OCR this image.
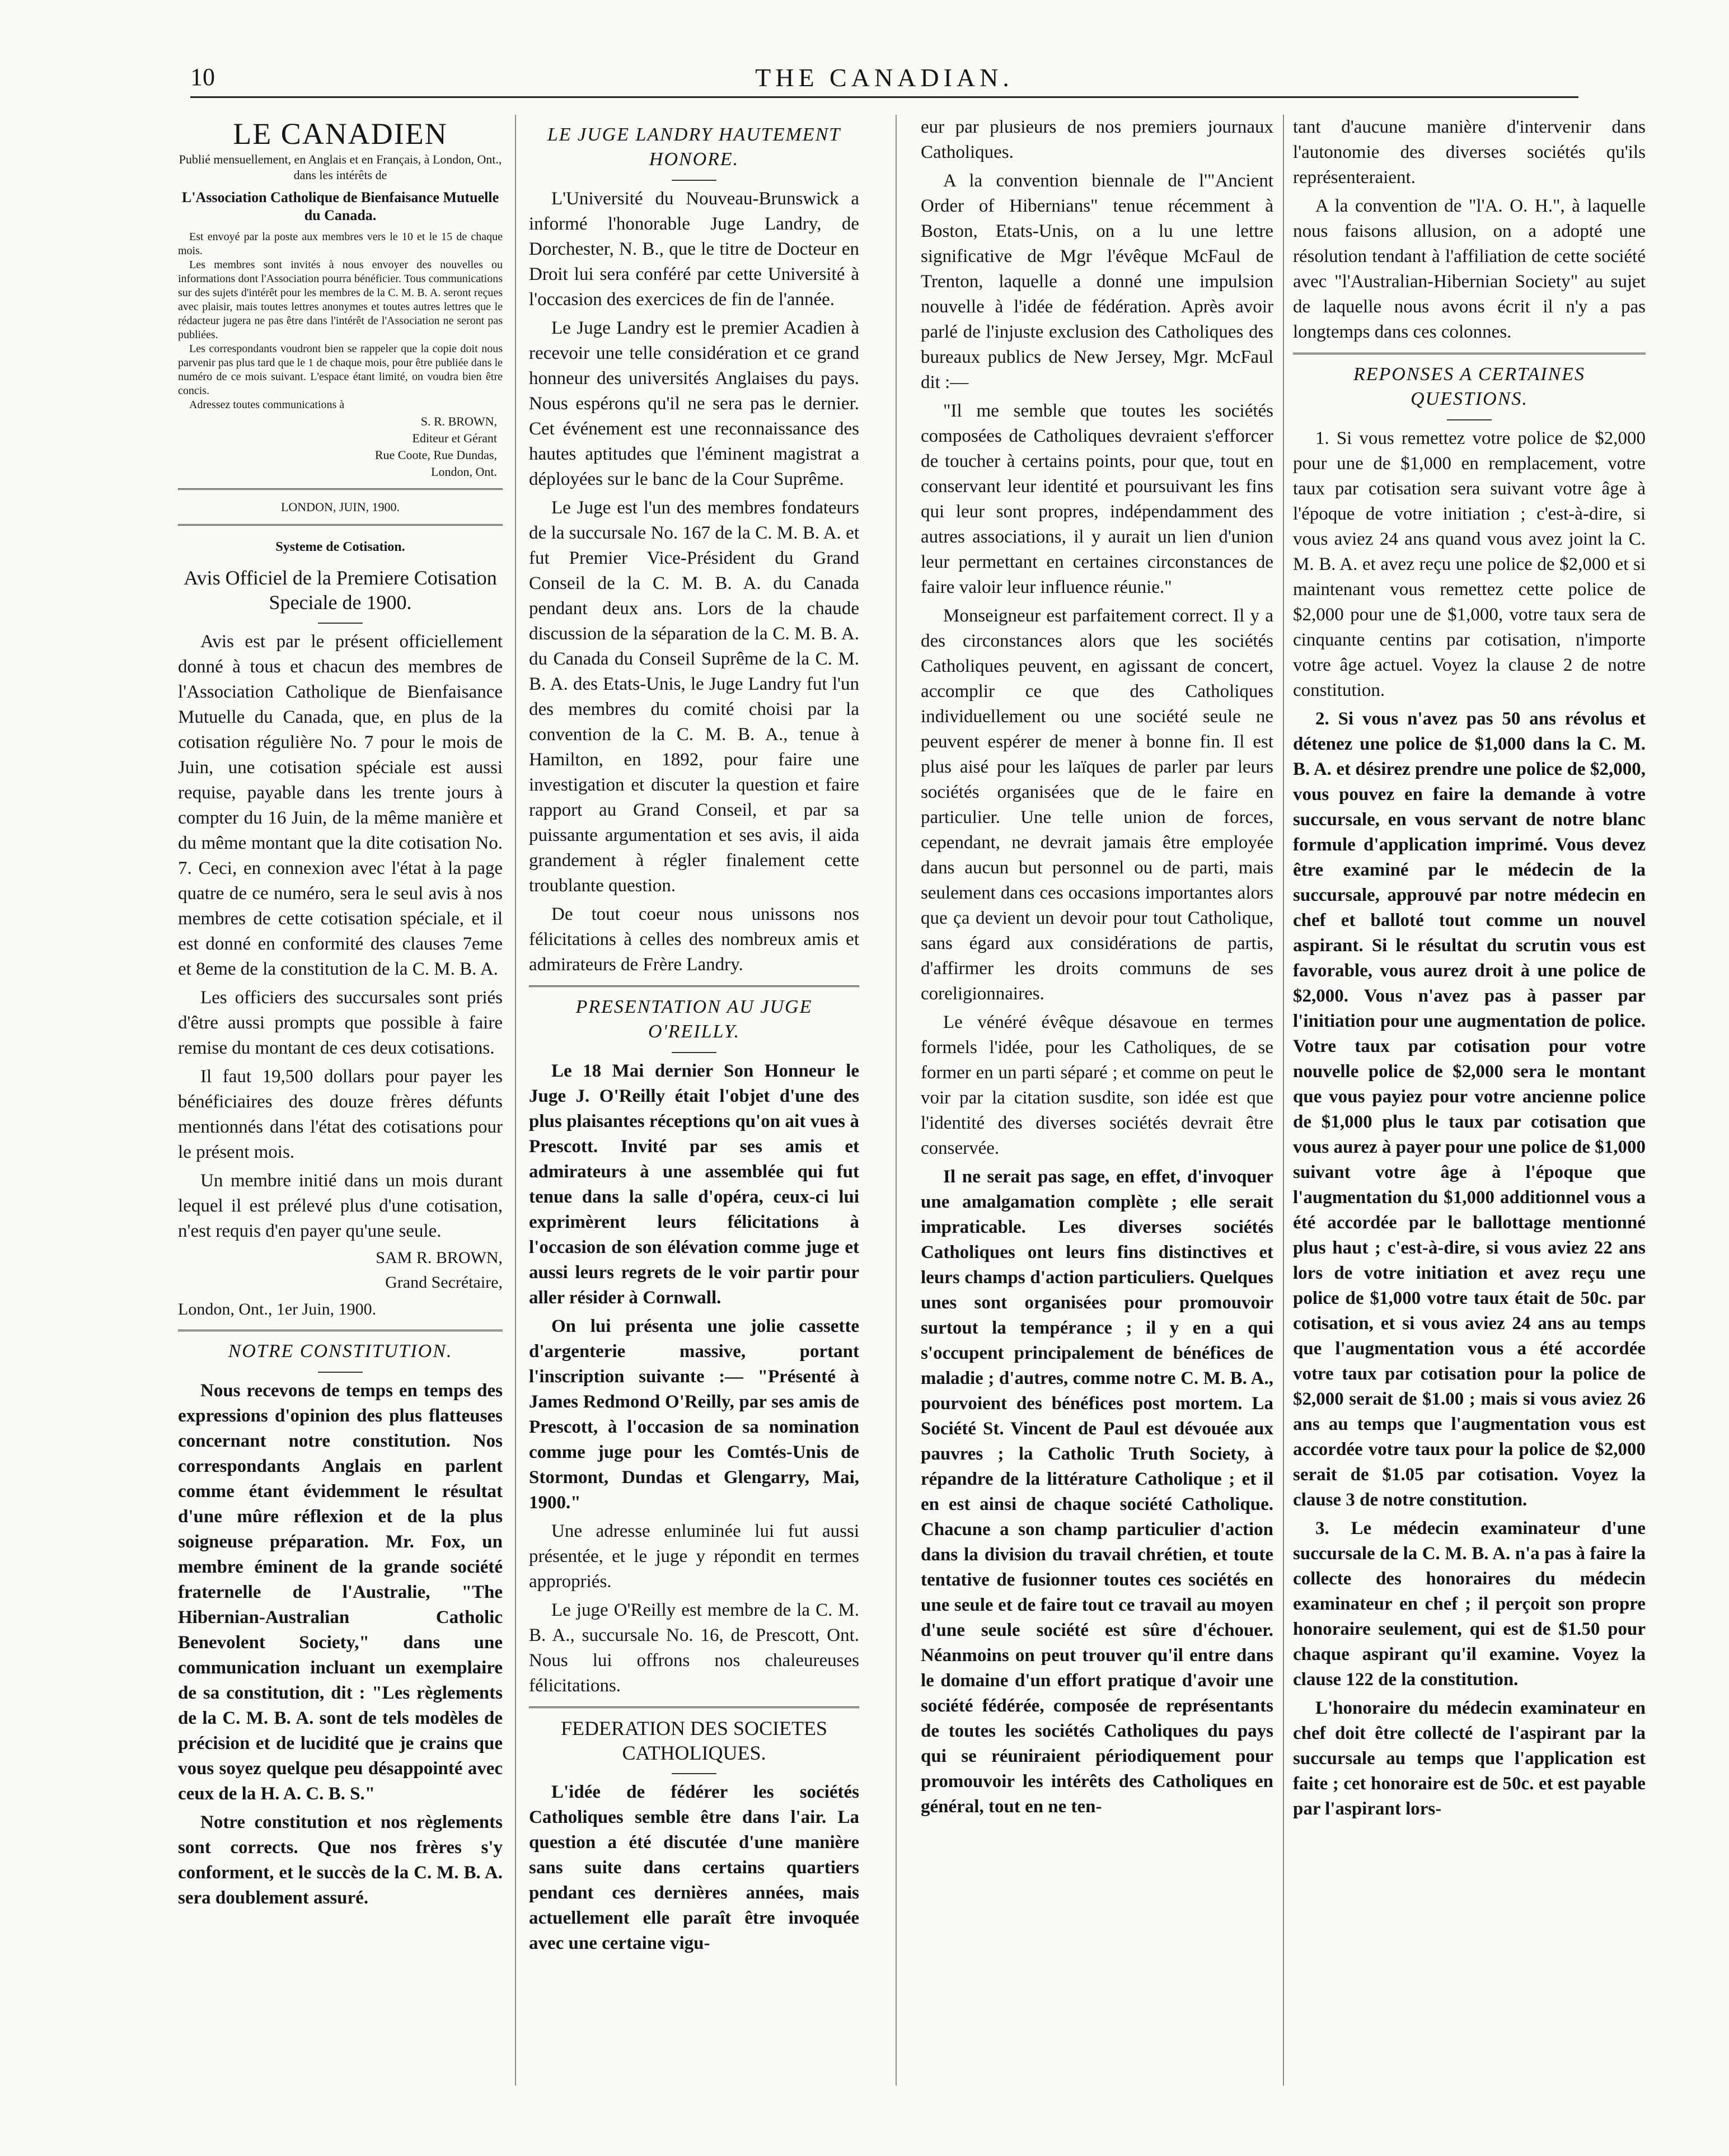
10	THE CANADIAN.
LE CANADIEN
Publié mensuellement, en Anglais et en Français, à London, Ont., dans les intérêts de
L'Association Catholique de Bienfaisance Mutuelle du Canada.

Est envoyé par la poste aux membres vers le 10 et le 15 de chaque mois.

Les membres sont invités à nous envoyer des nouvelles ou informations dont l'Association pourra bénéficier. Tous communications sur des sujets d'intérêt pour les membres de la C. M. B. A. seront reçues avec plaisir, mais toutes lettres anonymes et toutes autres lettres que le rédacteur jugera ne pas être dans l'intérêt de l'Association ne seront pas publiées.

Les correspondants voudront bien se rappeler que la copie doit nous parvenir pas plus tard que le 1 de chaque mois, pour être publiée dans le numéro de ce mois suivant. L'espace étant limité, on voudra bien être concis.

Adressez toutes communications à

S. R. BROWN,
Editeur et Gérant
Rue Coote, Rue Dundas,
London, Ont.
LONDON, JUIN, 1900.
Systeme de Cotisation.
Avis Officiel de la Premiere Cotisation Speciale de 1900.

Avis est par le présent officiellement donné à tous et chacun des membres de l'Association Catholique de Bienfaisance Mutuelle du Canada, que, en plus de la cotisation régulière No. 7 pour le mois de Juin, une cotisation spéciale est aussi requise, payable dans les trente jours à compter du 16 Juin, de la même manière et du même montant que la dite cotisation No. 7. Ceci, en connexion avec l'état à la page quatre de ce numéro, sera le seul avis à nos membres de cette cotisation spéciale, et il est donné en conformité des clauses 7eme et 8eme de la constitution de la C. M. B. A.

Les officiers des succursales sont priés d'être aussi prompts que possible à faire remise du montant de ces deux cotisations.

Il faut 19,500 dollars pour payer les bénéficiaires des douze frères défunts mentionnés dans l'état des cotisations pour le présent mois.

Un membre initié dans un mois durant lequel il est prélevé plus d'une cotisation, n'est requis d'en payer qu'une seule.

SAM R. BROWN,
Grand Secrétaire,
London, Ont., 1er Juin, 1900.
NOTRE CONSTITUTION.

Nous recevons de temps en temps des expressions d'opinion des plus flatteuses concernant notre constitution. Nos correspondants Anglais en parlent comme étant évidemment le résultat d'une mûre réflexion et de la plus soigneuse préparation. Mr. Fox, un membre éminent de la grande société fraternelle de l'Australie, "The Hibernian-Australian Catholic Benevolent Society," dans une communication incluant un exemplaire de sa constitution, dit : "Les règlements de la C. M. B. A. sont de tels modèles de précision et de lucidité que je crains que vous soyez quelque peu désappointé avec ceux de la H. A. C. B. S."

Notre constitution et nos règlements sont corrects. Que nos frères s'y conforment, et le succès de la C. M. B. A. sera doublement assuré.

LE JUGE LANDRY HAUTEMENT HONORE.

L'Université du Nouveau-Brunswick a informé l'honorable Juge Landry, de Dorchester, N. B., que le titre de Docteur en Droit lui sera conféré par cette Université à l'occasion des exercices de fin de l'année.

Le Juge Landry est le premier Acadien à recevoir une telle considération et ce grand honneur des universités Anglaises du pays. Nous espérons qu'il ne sera pas le dernier. Cet événement est une reconnaissance des hautes aptitudes que l'éminent magistrat a déployées sur le banc de la Cour Suprême.

Le Juge est l'un des membres fondateurs de la succursale No. 167 de la C. M. B. A. et fut Premier Vice-Président du Grand Conseil de la C. M. B. A. du Canada pendant deux ans. Lors de la chaude discussion de la séparation de la C. M. B. A. du Canada du Conseil Suprême de la C. M. B. A. des Etats-Unis, le Juge Landry fut l'un des membres du comité choisi par la convention de la C. M. B. A., tenue à Hamilton, en 1892, pour faire une investigation et discuter la question et faire rapport au Grand Conseil, et par sa puissante argumentation et ses avis, il aida grandement à régler finalement cette troublante question.

De tout coeur nous unissons nos félicitations à celles des nombreux amis et admirateurs de Frère Landry.

PRESENTATION AU JUGE O'REILLY.

Le 18 Mai dernier Son Honneur le Juge J. O'Reilly était l'objet d'une des plus plaisantes réceptions qu'on ait vues à Prescott. Invité par ses amis et admirateurs à une assemblée qui fut tenue dans la salle d'opéra, ceux-ci lui exprimèrent leurs félicitations à l'occasion de son élévation comme juge et aussi leurs regrets de le voir partir pour aller résider à Cornwall.

On lui présenta une jolie cassette d'argenterie massive, portant l'inscription suivante :— "Présenté à James Redmond O'Reilly, par ses amis de Prescott, à l'occasion de sa nomination comme juge pour les Comtés-Unis de Stormont, Dundas et Glengarry, Mai, 1900."

Une adresse enluminée lui fut aussi présentée, et le juge y répondit en termes appropriés.

Le juge O'Reilly est membre de la C. M. B. A., succursale No. 16, de Prescott, Ont. Nous lui offrons nos chaleureuses félicitations.

FEDERATION DES SOCIETES CATHOLIQUES.

L'idée de fédérer les sociétés Catholiques semble être dans l'air. La question a été discutée d'une manière sans suite dans certains quartiers pendant ces dernières années, mais actuellement elle paraît être invoquée avec une certaine vigu-

eur par plusieurs de nos premiers journaux Catholiques.

A la convention biennale de l'"Ancient Order of Hibernians" tenue récemment à Boston, Etats-Unis, on a lu une lettre significative de Mgr l'évêque McFaul de Trenton, laquelle a donné une impulsion nouvelle à l'idée de fédération. Après avoir parlé de l'injuste exclusion des Catholiques des bureaux publics de New Jersey, Mgr. McFaul dit :—

"Il me semble que toutes les sociétés composées de Catholiques devraient s'efforcer de toucher à certains points, pour que, tout en conservant leur identité et poursuivant les fins qui leur sont propres, indépendamment des autres associations, il y aurait un lien d'union leur permettant en certaines circonstances de faire valoir leur influence réunie."

Monseigneur est parfaitement correct. Il y a des circonstances alors que les sociétés Catholiques peuvent, en agissant de concert, accomplir ce que des Catholiques individuellement ou une société seule ne peuvent espérer de mener à bonne fin. Il est plus aisé pour les laïques de parler par leurs sociétés organisées que de le faire en particulier. Une telle union de forces, cependant, ne devrait jamais être employée dans aucun but personnel ou de parti, mais seulement dans ces occasions importantes alors que ça devient un devoir pour tout Catholique, sans égard aux considérations de partis, d'affirmer les droits communs de ses coreligionnaires.

Le vénéré évêque désavoue en termes formels l'idée, pour les Catholiques, de se former en un parti séparé ; et comme on peut le voir par la citation susdite, son idée est que l'identité des diverses sociétés devrait être conservée.

Il ne serait pas sage, en effet, d'invoquer une amalgamation complète ; elle serait impraticable. Les diverses sociétés Catholiques ont leurs fins distinctives et leurs champs d'action particuliers. Quelques unes sont organisées pour promouvoir surtout la tempérance ; il y en a qui s'occupent principalement de bénéfices de maladie ; d'autres, comme notre C. M. B. A., pourvoient des bénéfices post mortem. La Société St. Vincent de Paul est dévouée aux pauvres ; la Catholic Truth Society, à répandre de la littérature Catholique ; et il en est ainsi de chaque société Catholique. Chacune a son champ particulier d'action dans la division du travail chrétien, et toute tentative de fusionner toutes ces sociétés en une seule et de faire tout ce travail au moyen d'une seule société est sûre d'échouer. Néanmoins on peut trouver qu'il entre dans le domaine d'un effort pratique d'avoir une société fédérée, composée de représentants de toutes les sociétés Catholiques du pays qui se réuniraient périodiquement pour promouvoir les intérêts des Catholiques en général, tout en ne ten-

tant d'aucune manière d'intervenir dans l'autonomie des diverses sociétés qu'ils représenteraient.

A la convention de "l'A. O. H.", à laquelle nous faisons allusion, on a adopté une résolution tendant à l'affiliation de cette société avec "l'Australian-Hibernian Society" au sujet de laquelle nous avons écrit il n'y a pas longtemps dans ces colonnes.

REPONSES A CERTAINES QUESTIONS.

1. Si vous remettez votre police de $2,000 pour une de $1,000 en remplacement, votre taux par cotisation sera suivant votre âge à l'époque de votre initiation ; c'est-à-dire, si vous aviez 24 ans quand vous avez joint la C. M. B. A. et avez reçu une police de $2,000 et si maintenant vous remettez cette police de $2,000 pour une de $1,000, votre taux sera de cinquante centins par cotisation, n'importe votre âge actuel. Voyez la clause 2 de notre constitution.

2. Si vous n'avez pas 50 ans révolus et détenez une police de $1,000 dans la C. M. B. A. et désirez prendre une police de $2,000, vous pouvez en faire la demande à votre succursale, en vous servant de notre blanc formule d'application imprimé. Vous devez être examiné par le médecin de la succursale, approuvé par notre médecin en chef et balloté tout comme un nouvel aspirant. Si le résultat du scrutin vous est favorable, vous aurez droit à une police de $2,000. Vous n'avez pas à passer par l'initiation pour une augmentation de police. Votre taux par cotisation pour votre nouvelle police de $2,000 sera le montant que vous payiez pour votre ancienne police de $1,000 plus le taux par cotisation que vous aurez à payer pour une police de $1,000 suivant votre âge à l'époque que l'augmentation du $1,000 additionnel vous a été accordée par le ballottage mentionné plus haut ; c'est-à-dire, si vous aviez 22 ans lors de votre initiation et avez reçu une police de $1,000 votre taux était de 50c. par cotisation, et si vous aviez 24 ans au temps que l'augmentation vous a été accordée votre taux par cotisation pour la police de $2,000 serait de $1.00 ; mais si vous aviez 26 ans au temps que l'augmentation vous est accordée votre taux pour la police de $2,000 serait de $1.05 par cotisation. Voyez la clause 3 de notre constitution.

3. Le médecin examinateur d'une succursale de la C. M. B. A. n'a pas à faire la collecte des honoraires du médecin examinateur en chef ; il perçoit son propre honoraire seulement, qui est de $1.50 pour chaque aspirant qu'il examine. Voyez la clause 122 de la constitution.

L'honoraire du médecin examinateur en chef doit être collecté de l'aspirant par la succursale au temps que l'application est faite ; cet honoraire est de 50c. et est payable par l'aspirant lors-
